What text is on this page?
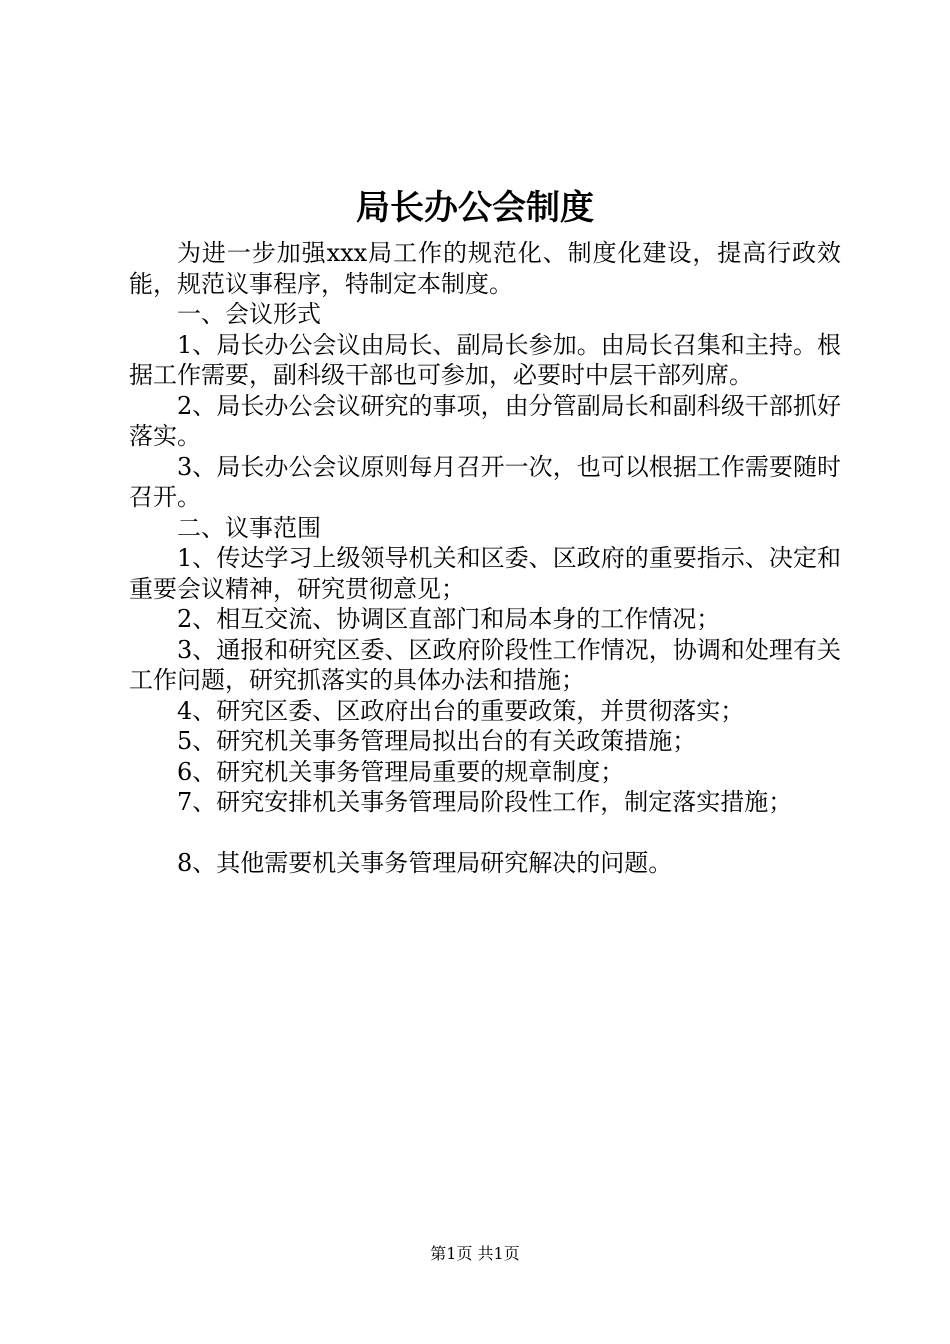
局长办公会制度

为进一步加强xxx局工作的规范化、制度化建设，提高行政效能，规范议事程序，特制定本制度。

一、会议形式

1、局长办公会议由局长、副局长参加。由局长召集和主持。根据工作需要，副科级干部也可参加，必要时中层干部列席。

2、局长办公会议研究的事项，由分管副局长和副科级干部抓好落实。

3、局长办公会议原则每月召开一次，也可以根据工作需要随时召开。

二、议事范围

1、传达学习上级领导机关和区委、区政府的重要指示、决定和重要会议精神，研究贯彻意见；

2、相互交流、协调区直部门和局本身的工作情况；

3、通报和研究区委、区政府阶段性工作情况，协调和处理有关工作问题，研究抓落实的具体办法和措施；

4、研究区委、区政府出台的重要政策，并贯彻落实；

5、研究机关事务管理局拟出台的有关政策措施；

6、研究机关事务管理局重要的规章制度；

7、研究安排机关事务管理局阶段性工作，制定落实措施；

8、其他需要机关事务管理局研究解决的问题。

第1页 共1页
